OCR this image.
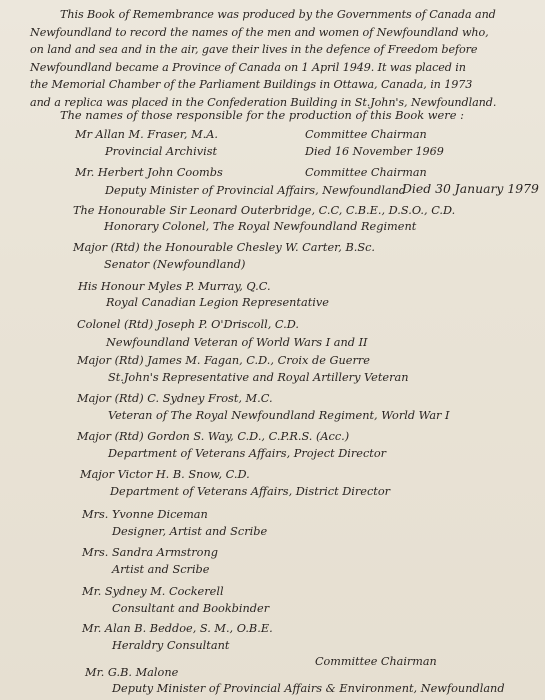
This Book of Remembrance was produced by the Governments of Canada and
Newfoundland to record the names of the men and women of Newfoundland who,
on land and sea and in the air, gave their lives in the defence of Freedom before
Newfoundland became a Province of Canada on 1 April 1949. It was placed in
the Memorial Chamber of the Parliament Buildings in Ottawa, Canada, in 1973
and a replica was placed in the Confederation Building in St.John's, Newfoundland.
The names of those responsible for the production of this Book were :
Mr Allan M. Fraser, M.A.	Committee Chairman
Provincial Archivist	Died 16 November 1969
Mr. Herbert John Coombs	Committee Chairman
Deputy Minister of Provincial Affairs, Newfoundland
Died 30 January 1979
The Honourable Sir Leonard Outerbridge, C.C, C.B.E., D.S.O., C.D.
Honorary Colonel, The Royal Newfoundland Regiment
Major (Rtd) the Honourable Chesley W. Carter, B.Sc.
Senator (Newfoundland)
His Honour Myles P. Murray, Q.C.
Royal Canadian Legion Representative
Colonel (Rtd) Joseph P. O'Driscoll, C.D.
Newfoundland Veteran of World Wars I and II
Major (Rtd) James M. Fagan, C.D., Croix de Guerre
St.John's Representative and Royal Artillery Veteran
Major (Rtd) C. Sydney Frost, M.C.
Veteran of The Royal Newfoundland Regiment, World War I
Major (Rtd) Gordon S. Way, C.D., C.P.R.S. (Acc.)
Department of Veterans Affairs, Project Director
Major Victor H. B. Snow, C.D.
Department of Veterans Affairs, District Director
Mrs. Yvonne Diceman
Designer, Artist and Scribe
Mrs. Sandra Armstrong
Artist and Scribe
Mr. Sydney M. Cockerell
Consultant and Bookbinder
Mr. Alan B. Beddoe, S. M., O.B.E.
Heraldry Consultant
Committee Chairman
Mr. G.B. Malone
Deputy Minister of Provincial Affairs & Environment, Newfoundland
